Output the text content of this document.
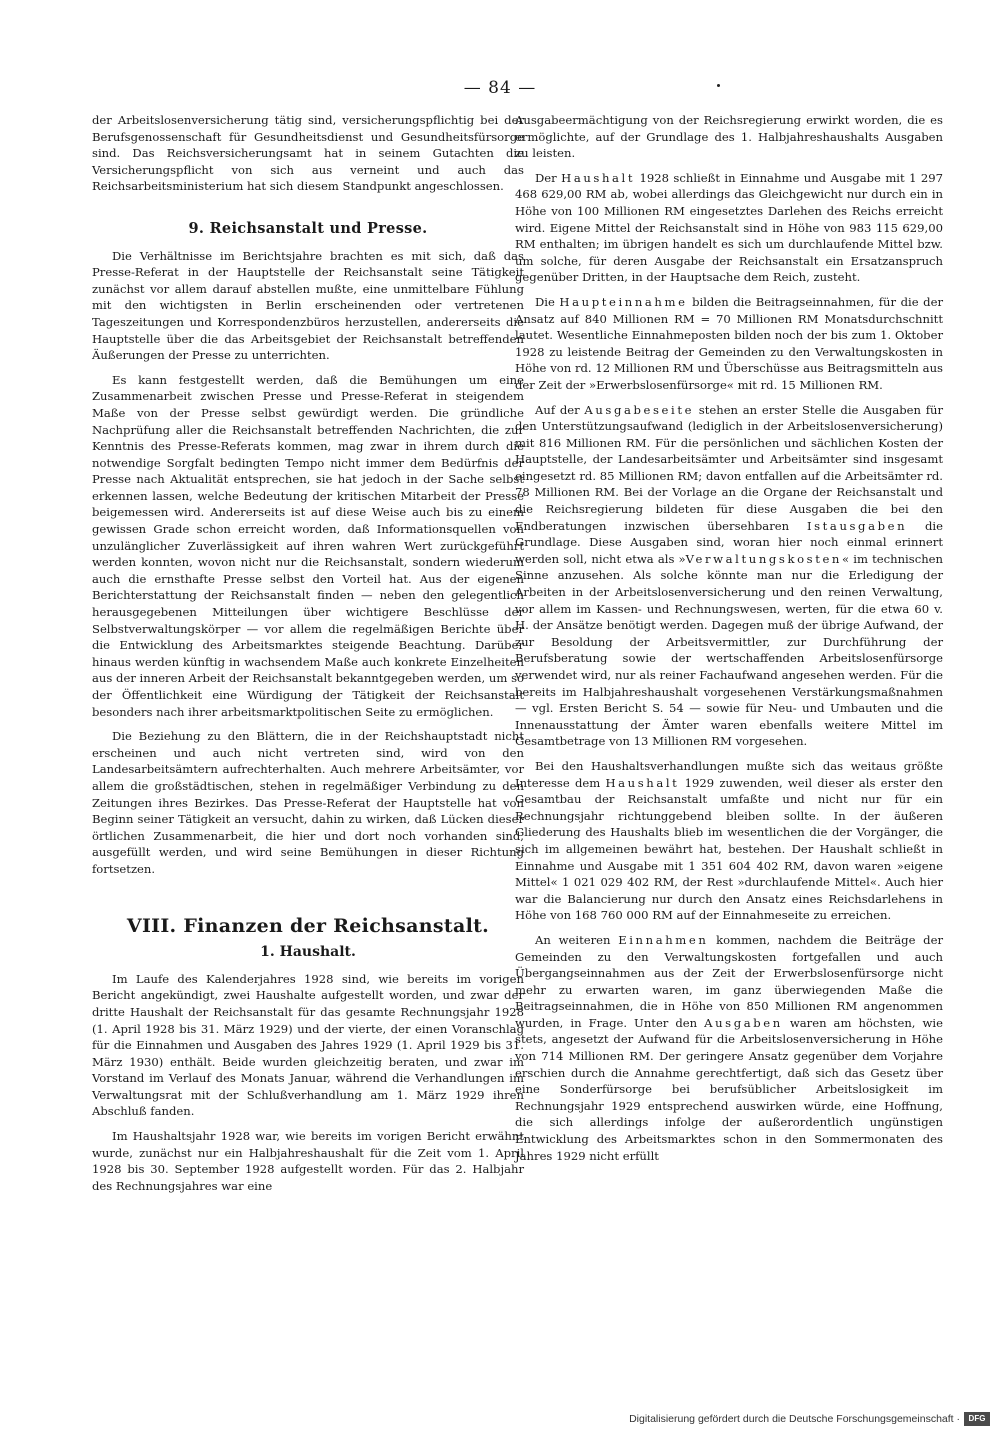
— 84 —

der Arbeitslosenversicherung tätig sind, versicherungspflichtig bei der Berufsgenossenschaft für Gesundheitsdienst und Gesundheitsfürsorge sind. Das Reichsversicherungsamt hat in seinem Gutachten die Versicherungspflicht von sich aus verneint und auch das Reichsarbeitsministerium hat sich diesem Standpunkt angeschlossen.

9. Reichsanstalt und Presse.

Die Verhältnisse im Berichtsjahre brachten es mit sich, daß das Presse-Referat in der Hauptstelle der Reichsanstalt seine Tätigkeit zunächst vor allem darauf abstellen mußte, eine unmittelbare Fühlung mit den wichtigsten in Berlin erscheinenden oder vertretenen Tageszeitungen und Korrespondenzbüros herzustellen, andererseits die Hauptstelle über die das Arbeitsgebiet der Reichsanstalt betreffenden Äußerungen der Presse zu unterrichten.

Es kann festgestellt werden, daß die Bemühungen um eine Zusammenarbeit zwischen Presse und Presse-Referat in steigendem Maße von der Presse selbst gewürdigt werden. Die gründliche Nachprüfung aller die Reichsanstalt betreffenden Nachrichten, die zur Kenntnis des Presse-Referats kommen, mag zwar in ihrem durch die notwendige Sorgfalt bedingten Tempo nicht immer dem Bedürfnis der Presse nach Aktualität entsprechen, sie hat jedoch in der Sache selbst erkennen lassen, welche Bedeutung der kritischen Mitarbeit der Presse beigemessen wird. Andererseits ist auf diese Weise auch bis zu einem gewissen Grade schon erreicht worden, daß Informationsquellen von unzulänglicher Zuverlässigkeit auf ihren wahren Wert zurückgeführt werden konnten, wovon nicht nur die Reichsanstalt, sondern wiederum auch die ernsthafte Presse selbst den Vorteil hat. Aus der eigenen Berichterstattung der Reichsanstalt finden — neben den gelegentlich herausgegebenen Mitteilungen über wichtigere Beschlüsse der Selbstverwaltungskörper — vor allem die regelmäßigen Berichte über die Entwicklung des Arbeitsmarktes steigende Beachtung. Darüber hinaus werden künftig in wachsendem Maße auch konkrete Einzelheiten aus der inneren Arbeit der Reichsanstalt bekanntgegeben werden, um so der Öffentlichkeit eine Würdigung der Tätigkeit der Reichsanstalt besonders nach ihrer arbeitsmarktpolitischen Seite zu ermöglichen.

Die Beziehung zu den Blättern, die in der Reichshauptstadt nicht erscheinen und auch nicht vertreten sind, wird von den Landesarbeitsämtern aufrechterhalten. Auch mehrere Arbeitsämter, vor allem die großstädtischen, stehen in regelmäßiger Verbindung zu den Zeitungen ihres Bezirkes. Das Presse-Referat der Hauptstelle hat von Beginn seiner Tätigkeit an versucht, dahin zu wirken, daß Lücken dieser örtlichen Zusammenarbeit, die hier und dort noch vorhanden sind, ausgefüllt werden, und wird seine Bemühungen in dieser Richtung fortsetzen.

VIII. Finanzen der Reichsanstalt.
1. Haushalt.

Im Laufe des Kalenderjahres 1928 sind, wie bereits im vorigen Bericht angekündigt, zwei Haushalte aufgestellt worden, und zwar der dritte Haushalt der Reichsanstalt für das gesamte Rechnungsjahr 1928 (1. April 1928 bis 31. März 1929) und der vierte, der einen Voranschlag für die Einnahmen und Ausgaben des Jahres 1929 (1. April 1929 bis 31. März 1930) enthält. Beide wurden gleichzeitig beraten, und zwar im Vorstand im Verlauf des Monats Januar, während die Verhandlungen im Verwaltungsrat mit der Schlußverhandlung am 1. März 1929 ihren Abschluß fanden.

Im Haushaltsjahr 1928 war, wie bereits im vorigen Bericht erwähnt wurde, zunächst nur ein Halbjahreshaushalt für die Zeit vom 1. April 1928 bis 30. September 1928 aufgestellt worden. Für das 2. Halbjahr des Rechnungsjahres war eine

Ausgabeermächtigung von der Reichsregierung erwirkt worden, die es ermöglichte, auf der Grundlage des 1. Halbjahreshaushalts Ausgaben zu leisten.

Der Haushalt 1928 schließt in Einnahme und Ausgabe mit 1 297 468 629,00 RM ab, wobei allerdings das Gleichgewicht nur durch ein in Höhe von 100 Millionen RM eingesetztes Darlehen des Reichs erreicht wird. Eigene Mittel der Reichsanstalt sind in Höhe von 983 115 629,00 RM enthalten; im übrigen handelt es sich um durchlaufende Mittel bzw. um solche, für deren Ausgabe der Reichsanstalt ein Ersatzanspruch gegenüber Dritten, in der Hauptsache dem Reich, zusteht.

Die Haupteinnahme bilden die Beitragseinnahmen, für die der Ansatz auf 840 Millionen RM = 70 Millionen RM Monatsdurchschnitt lautet. Wesentliche Einnahmeposten bilden noch der bis zum 1. Oktober 1928 zu leistende Beitrag der Gemeinden zu den Verwaltungskosten in Höhe von rd. 12 Millionen RM und Überschüsse aus Beitragsmitteln aus der Zeit der »Erwerbslosenfürsorge« mit rd. 15 Millionen RM.

Auf der Ausgabeseite stehen an erster Stelle die Ausgaben für den Unterstützungsaufwand (lediglich in der Arbeitslosenversicherung) mit 816 Millionen RM. Für die persönlichen und sächlichen Kosten der Hauptstelle, der Landesarbeitsämter und Arbeitsämter sind insgesamt eingesetzt rd. 85 Millionen RM; davon entfallen auf die Arbeitsämter rd. 78 Millionen RM. Bei der Vorlage an die Organe der Reichsanstalt und die Reichsregierung bildeten für diese Ausgaben die bei den Endberatungen inzwischen übersehbaren Istausgaben die Grundlage. Diese Ausgaben sind, woran hier noch einmal erinnert werden soll, nicht etwa als »Verwaltungskosten« im technischen Sinne anzusehen. Als solche könnte man nur die Erledigung der Arbeiten in der Arbeitslosenversicherung und den reinen Verwaltung, vor allem im Kassen- und Rechnungswesen, werten, für die etwa 60 v. H. der Ansätze benötigt werden. Dagegen muß der übrige Aufwand, der zur Besoldung der Arbeitsvermittler, zur Durchführung der Berufsberatung sowie der wertschaffenden Arbeitslosenfürsorge verwendet wird, nur als reiner Fachaufwand angesehen werden. Für die bereits im Halbjahreshaushalt vorgesehenen Verstärkungsmaßnahmen — vgl. Ersten Bericht S. 54 — sowie für Neu- und Umbauten und die Innenausstattung der Ämter waren ebenfalls weitere Mittel im Gesamtbetrage von 13 Millionen RM vorgesehen.

Bei den Haushaltsverhandlungen mußte sich das weitaus größte Interesse dem Haushalt 1929 zuwenden, weil dieser als erster den Gesamtbau der Reichsanstalt umfaßte und nicht nur für ein Rechnungsjahr richtunggebend bleiben sollte. In der äußeren Gliederung des Haushalts blieb im wesentlichen die der Vorgänger, die sich im allgemeinen bewährt hat, bestehen. Der Haushalt schließt in Einnahme und Ausgabe mit 1 351 604 402 RM, davon waren »eigene Mittel« 1 021 029 402 RM, der Rest »durchlaufende Mittel«. Auch hier war die Balancierung nur durch den Ansatz eines Reichsdarlehens in Höhe von 168 760 000 RM auf der Einnahmeseite zu erreichen.

An weiteren Einnahmen kommen, nachdem die Beiträge der Gemeinden zu den Verwaltungskosten fortgefallen und auch Übergangseinnahmen aus der Zeit der Erwerbslosenfürsorge nicht mehr zu erwarten waren, im ganz überwiegenden Maße die Beitragseinnahmen, die in Höhe von 850 Millionen RM angenommen wurden, in Frage. Unter den Ausgaben waren am höchsten, wie stets, angesetzt der Aufwand für die Arbeitslosenversicherung in Höhe von 714 Millionen RM. Der geringere Ansatz gegenüber dem Vorjahre erschien durch die Annahme gerechtfertigt, daß sich das Gesetz über eine Sonderfürsorge bei berufsüblicher Arbeitslosigkeit im Rechnungsjahr 1929 entsprechend auswirken würde, eine Hoffnung, die sich allerdings infolge der außerordentlich ungünstigen Entwicklung des Arbeitsmarktes schon in den Sommermonaten des Jahres 1929 nicht erfüllt

Digitalisierung gefördert durch die Deutsche Forschungsgemeinschaft ·	DFG
